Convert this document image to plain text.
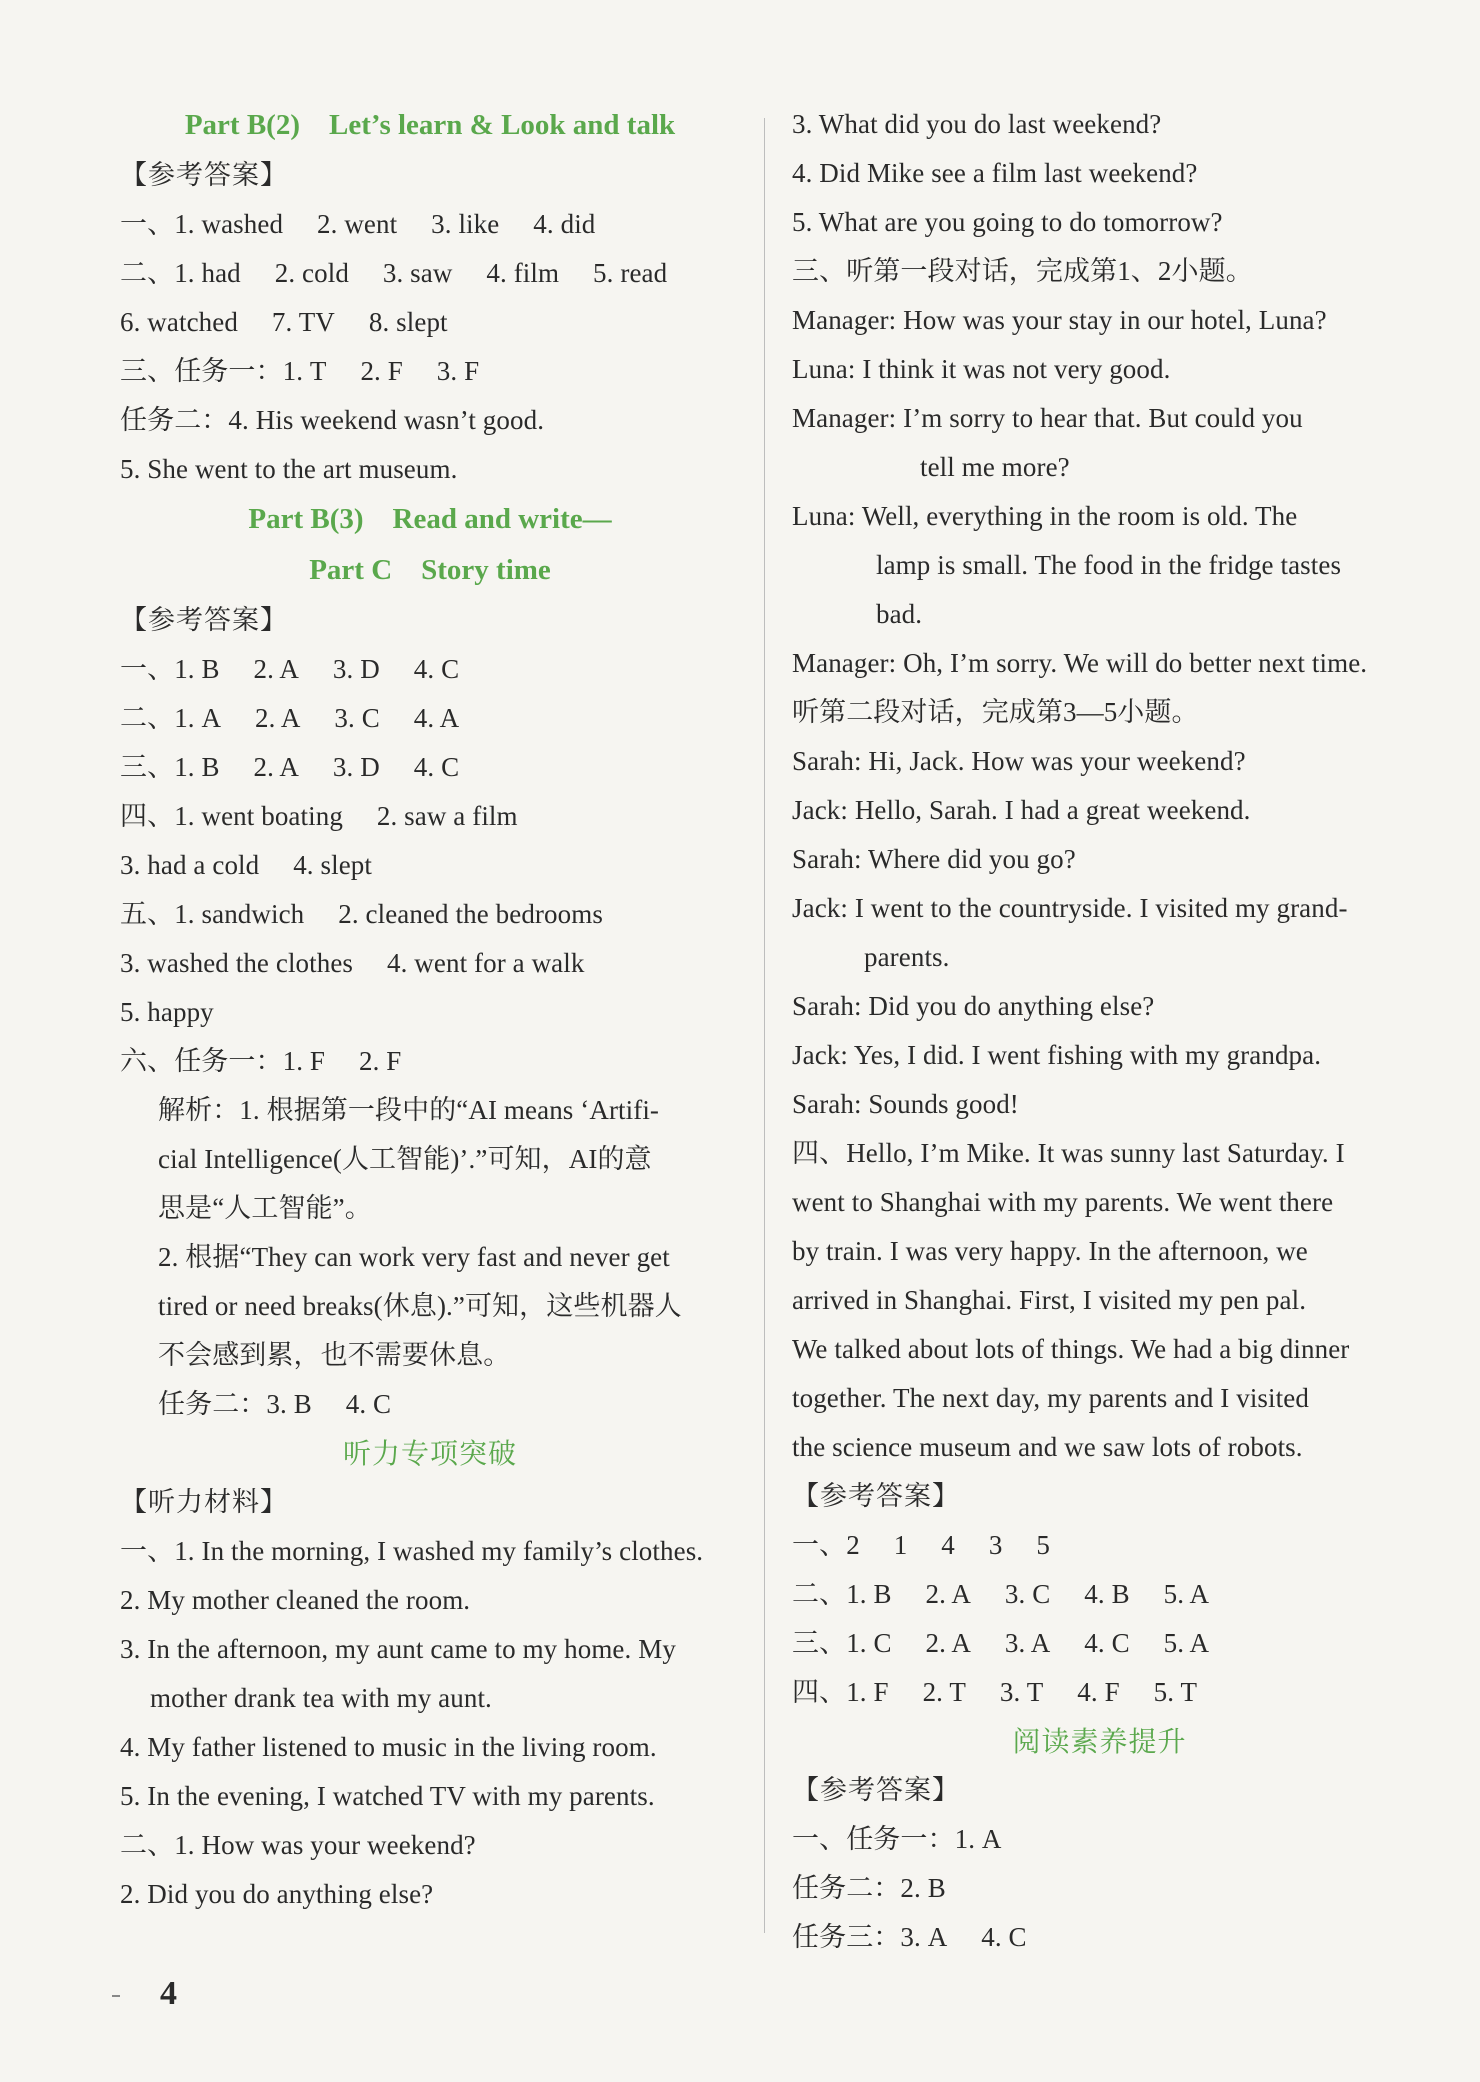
Part B(2)　Let’s learn & Look and talk
【参考答案】
一、1. washed  2. went  3. like  4. did
二、1. had  2. cold  3. saw  4. film  5. read
6. watched  7. TV  8. slept
三、任务一：1. T  2. F  3. F
任务二：4. His weekend wasn’t good.
5. She went to the art museum.
Part B(3)　Read and write—
Part C　Story time
【参考答案】
一、1. B  2. A  3. D  4. C
二、1. A  2. A  3. C  4. A
三、1. B  2. A  3. D  4. C
四、1. went boating  2. saw a film
3. had a cold  4. slept
五、1. sandwich  2. cleaned the bedrooms
3. washed the clothes  4. went for a walk
5. happy
六、任务一：1. F  2. F
解析：1. 根据第一段中的“AI means ‘Artifi-
cial Intelligence(人工智能)’.”可知，AI的意
思是“人工智能”。
2. 根据“They can work very fast and never get
tired or need breaks(休息).”可知，这些机器人
不会感到累，也不需要休息。
任务二：3. B  4. C
听力专项突破
【听力材料】
一、1. In the morning, I washed my family’s clothes.
2. My mother cleaned the room.
3. In the afternoon, my aunt came to my home. My
mother drank tea with my aunt.
4. My father listened to music in the living room.
5. In the evening, I watched TV with my parents.
二、1. How was your weekend?
2. Did you do anything else?
3. What did you do last weekend?
4. Did Mike see a film last weekend?
5. What are you going to do tomorrow?
三、听第一段对话，完成第1、2小题。
Manager: How was your stay in our hotel, Luna?
Luna: I think it was not very good.
Manager: I’m sorry to hear that. But could you
tell me more?
Luna: Well, everything in the room is old. The
lamp is small. The food in the fridge tastes
bad.
Manager: Oh, I’m sorry. We will do better next time.
听第二段对话，完成第3—5小题。
Sarah: Hi, Jack. How was your weekend?
Jack: Hello, Sarah. I had a great weekend.
Sarah: Where did you go?
Jack: I went to the countryside. I visited my grand-
parents.
Sarah: Did you do anything else?
Jack: Yes, I did. I went fishing with my grandpa.
Sarah: Sounds good!
四、Hello, I’m Mike. It was sunny last Saturday. I
went to Shanghai with my parents. We went there
by train. I was very happy. In the afternoon, we
arrived in Shanghai. First, I visited my pen pal.
We talked about lots of things. We had a big dinner
together. The next day, my parents and I visited
the science museum and we saw lots of robots.
【参考答案】
一、2  1  4  3  5
二、1. B  2. A  3. C  4. B  5. A
三、1. C  2. A  3. A  4. C  5. A
四、1. F  2. T  3. T  4. F  5. T
阅读素养提升
【参考答案】
一、任务一：1. A
任务二：2. B
任务三：3. A  4. C
4
